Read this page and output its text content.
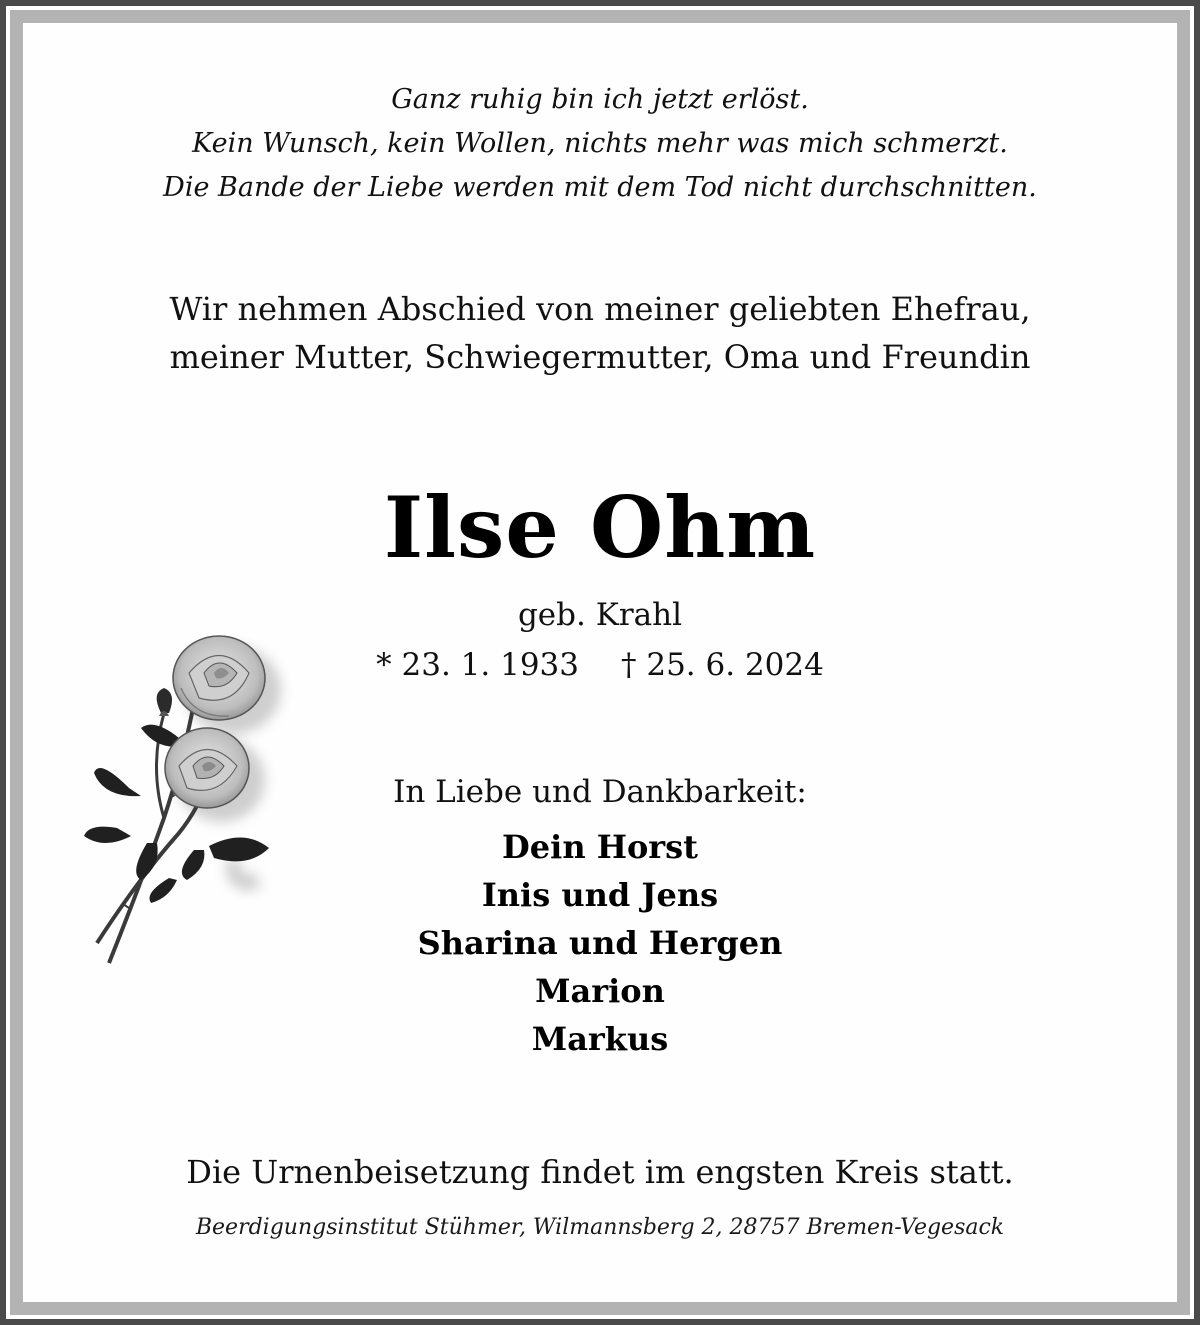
Ganz ruhig bin ich jetzt erlöst.
Kein Wunsch, kein Wollen, nichts mehr was mich schmerzt.
Die Bande der Liebe werden mit dem Tod nicht durchschnitten.
Wir nehmen Abschied von meiner geliebten Ehefrau,
meiner Mutter, Schwiegermutter, Oma und Freundin
Ilse Ohm
geb. Krahl
* 23. 1. 1933 † 25. 6. 2024
In Liebe und Dankbarkeit:
Dein Horst
Inis und Jens
Sharina und Hergen
Marion
Markus
Die Urnenbeisetzung findet im engsten Kreis statt.
Beerdigungsinstitut Stühmer, Wilmannsberg 2, 28757 Bremen-Vegesack
